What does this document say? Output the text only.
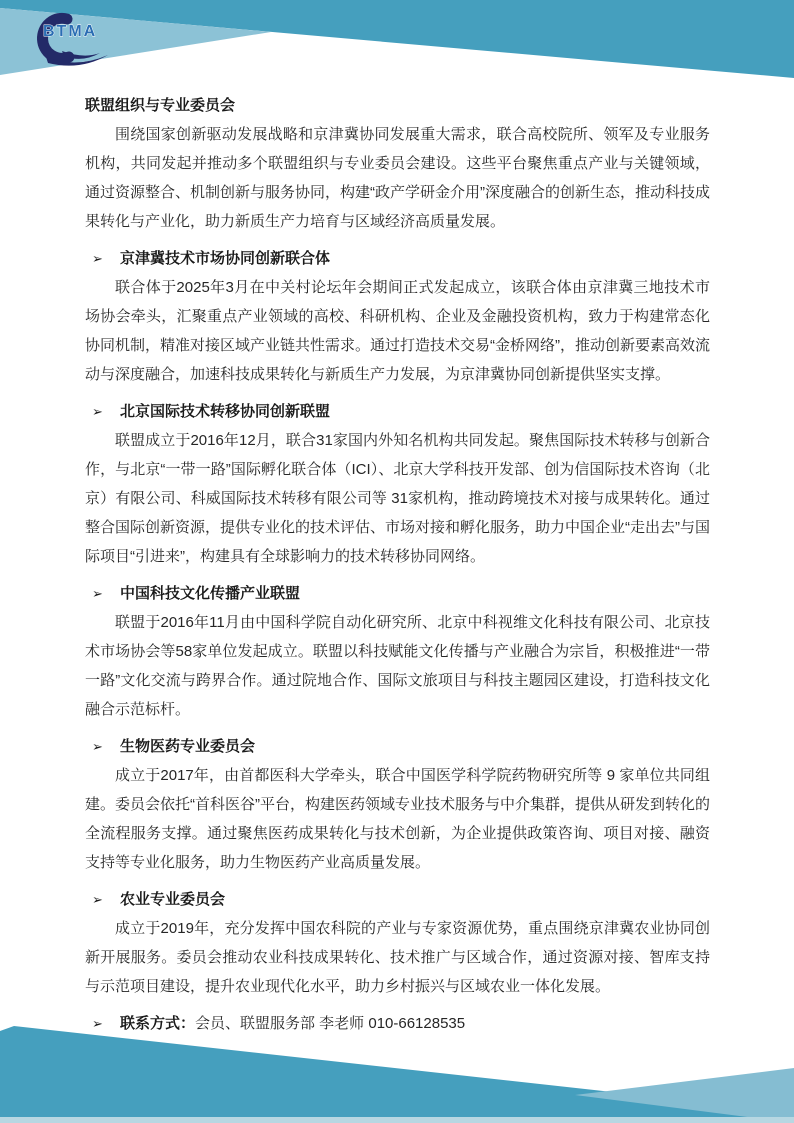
BTMA
联盟组织与专业委员会

围绕国家创新驱动发展战略和京津冀协同发展重大需求，联合高校院所、领军及专业服务机构，共同发起并推动多个联盟组织与专业委员会建设。这些平台聚焦重点产业与关键领域，通过资源整合、机制创新与服务协同，构建“政产学研金介用”深度融合的创新生态，推动科技成果转化与产业化，助力新质生产力培育与区域经济高质量发展。

➢	京津冀技术市场协同创新联合体

联合体于2025年3月在中关村论坛年会期间正式发起成立，该联合体由京津冀三地技术市场协会牵头，汇聚重点产业领域的高校、科研机构、企业及金融投资机构，致力于构建常态化协同机制，精准对接区域产业链共性需求。通过打造技术交易“金桥网络”，推动创新要素高效流动与深度融合，加速科技成果转化与新质生产力发展，为京津冀协同创新提供坚实支撑。

➢	北京国际技术转移协同创新联盟

联盟成立于2016年12月，联合31家国内外知名机构共同发起。聚焦国际技术转移与创新合作，与北京“一带一路”国际孵化联合体（ICI）、北京大学科技开发部、创为信国际技术咨询（北京）有限公司、科威国际技术转移有限公司等 31家机构，推动跨境技术对接与成果转化。通过整合国际创新资源，提供专业化的技术评估、市场对接和孵化服务，助力中国企业“走出去”与国际项目“引进来”，构建具有全球影响力的技术转移协同网络。

➢	中国科技文化传播产业联盟

联盟于2016年11月由中国科学院自动化研究所、北京中科视维文化科技有限公司、北京技术市场协会等58家单位发起成立。联盟以科技赋能文化传播与产业融合为宗旨，积极推进“一带一路”文化交流与跨界合作。通过院地合作、国际文旅项目与科技主题园区建设，打造科技文化融合示范标杆。

➢	生物医药专业委员会

成立于2017年，由首都医科大学牵头，联合中国医学科学院药物研究所等 9 家单位共同组建。委员会依托“首科医谷”平台，构建医药领域专业技术服务与中介集群，提供从研发到转化的全流程服务支撑。通过聚焦医药成果转化与技术创新，为企业提供政策咨询、项目对接、融资支持等专业化服务，助力生物医药产业高质量发展。

➢	农业专业委员会

成立于2019年，充分发挥中国农科院的产业与专家资源优势，重点围绕京津冀农业协同创新开展服务。委员会推动农业科技成果转化、技术推广与区域合作，通过资源对接、智库支持与示范项目建设，提升农业现代化水平，助力乡村振兴与区域农业一体化发展。

➢	联系方式：会员、联盟服务部 李老师 010-66128535
